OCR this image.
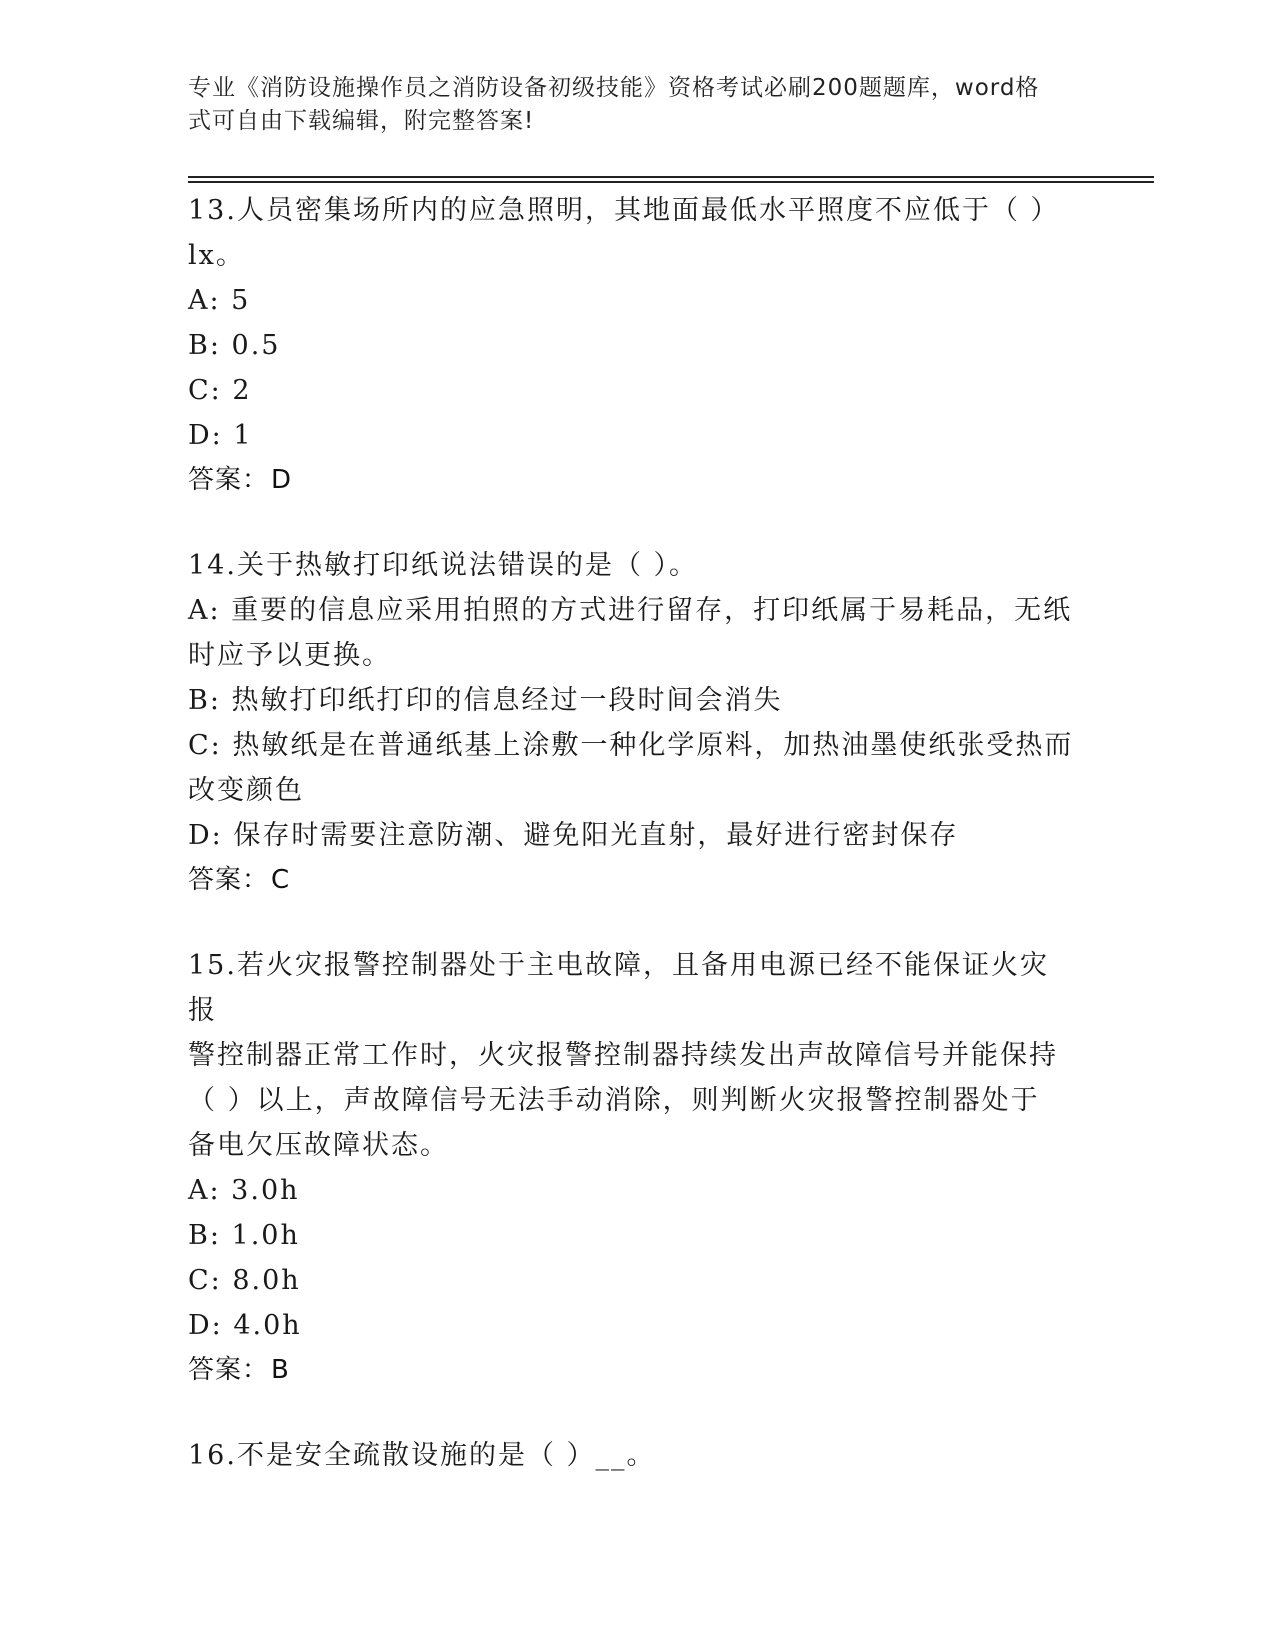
专业《消防设施操作员之消防设备初级技能》资格考试必刷200题题库，word格
式可自由下载编辑，附完整答案!

13.人员密集场所内的应急照明，其地面最低水平照度不应低于（ ）

lx。

A: 5

B: 0.5

C: 2

D: 1

答案：D

14.关于热敏打印纸说法错误的是（ ）。

A: 重要的信息应采用拍照的方式进行留存，打印纸属于易耗品，无纸

时应予以更换。

B: 热敏打印纸打印的信息经过一段时间会消失

C: 热敏纸是在普通纸基上涂敷一种化学原料，加热油墨使纸张受热而

改变颜色

D: 保存时需要注意防潮、避免阳光直射，最好进行密封保存

答案：C

15.若火灾报警控制器处于主电故障，且备用电源已经不能保证火灾报

警控制器正常工作时，火灾报警控制器持续发出声故障信号并能保持

（ ）以上，声故障信号无法手动消除，则判断火灾报警控制器处于

备电欠压故障状态。

A: 3.0h

B: 1.0h

C: 8.0h

D: 4.0h

答案：B

16.不是安全疏散设施的是（ ）__。
